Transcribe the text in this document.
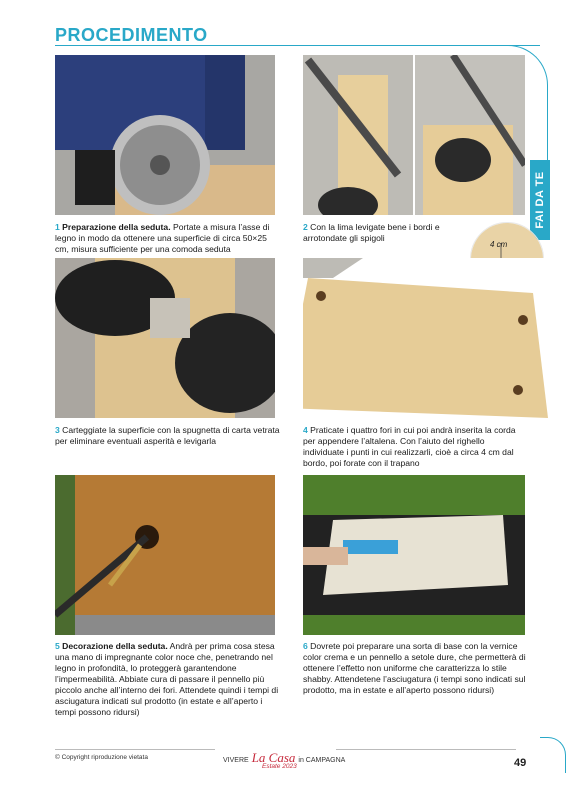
PROCEDIMENTO
FAI DA TE
4 cm
1 Preparazione della seduta. Portate a misura l’asse di legno in modo da ottenere una superficie di circa 50×25 cm, misura sufficiente per una comoda seduta
2 Con la lima levigate bene i bordi e arrotondate gli spigoli
3 Carteggiate la superficie con la spugnetta di carta vetrata per eliminare eventuali asperità e levigarla
4 Praticate i quattro fori in cui poi andrà inserita la corda per appendere l’altalena. Con l’aiuto del righello individuate i punti in cui realizzarli, cioè a circa 4 cm dal bordo, poi forate con il trapano
5 Decorazione della seduta. Andrà per prima cosa stesa una mano di impregnante color noce che, penetrando nel legno in profondità, lo proteggerà garantendone l’impermeabilità. Abbiate cura di passare il pennello più piccolo anche all’interno dei fori. Attendete quindi i tempi di asciugatura indicati sul prodotto (in estate e all’aperto i tempi possono ridursi)
6 Dovrete poi preparare una sorta di base con la vernice color crema e un pennello a setole dure, che permetterà di ottenere l’effetto non uniforme che caratterizza lo stile shabby. Attendetene l’asciugatura (i tempi sono indicati sul prodotto, ma in estate e all’aperto possono ridursi)
© Copyright riproduzione vietata	VIVERE La Casa in CAMPAGNA
Estate 2023	49
